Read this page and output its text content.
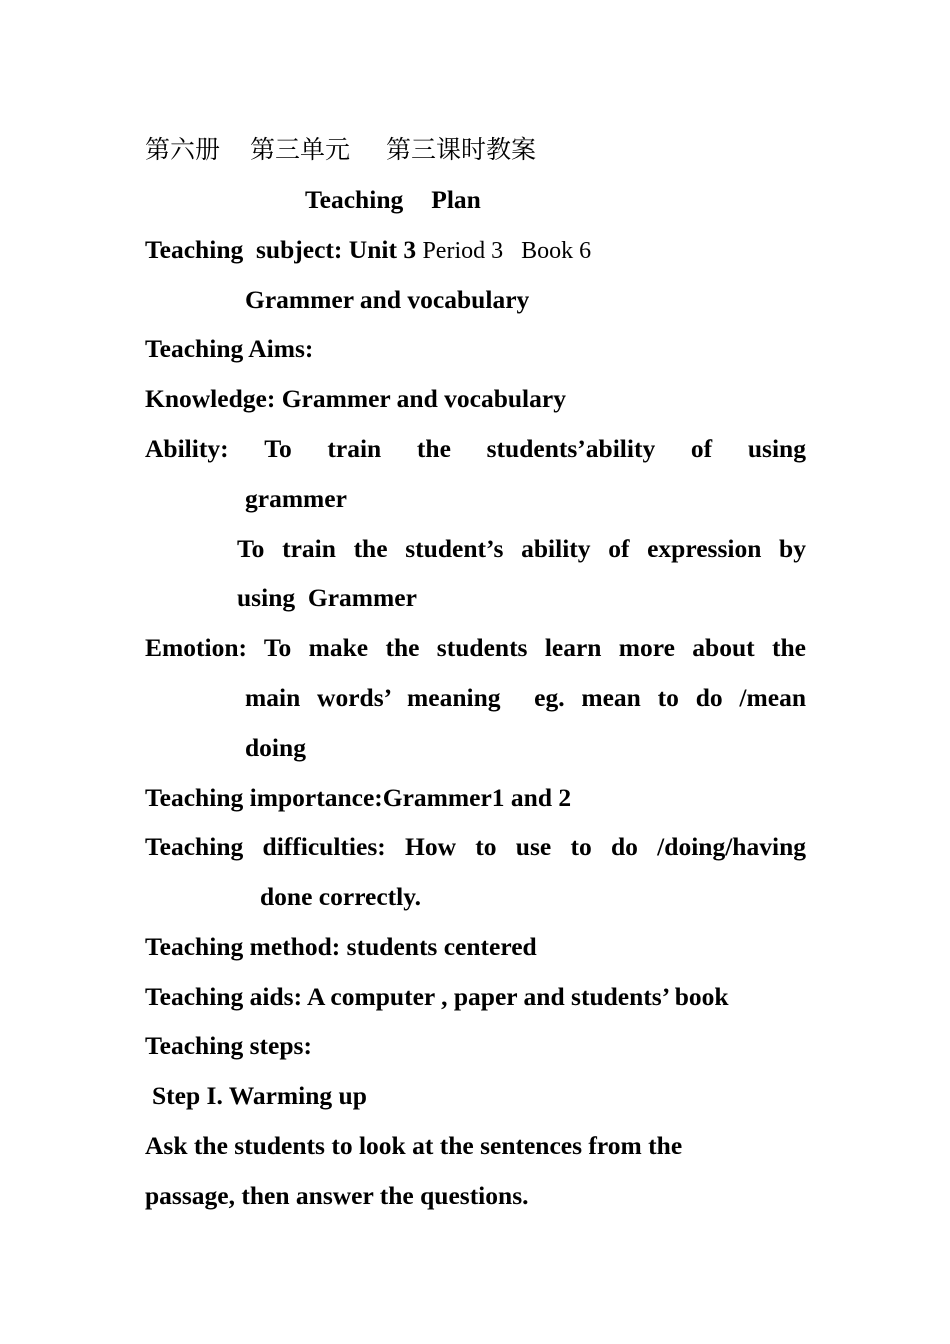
第六册 第三单元 第三课时教案
Teaching Plan
Teaching  subject: Unit 3 Period 3   Book 6
Grammer and vocabulary
Teaching Aims:
Knowledge: Grammer and vocabulary
Ability: To train the students’ability of using
grammer
To train the student’s ability of expression by
using  Grammer
Emotion: To make the students learn more about the
main words’ meaning  eg. mean to do /mean
doing
Teaching importance:Grammer1 and 2
Teaching difficulties: How to use to do /doing/having
done correctly.
Teaching method: students centered
Teaching aids: A computer , paper and students’ book
Teaching steps:
Step I. Warming up
Ask the students to look at the sentences from the
passage, then answer the questions.
